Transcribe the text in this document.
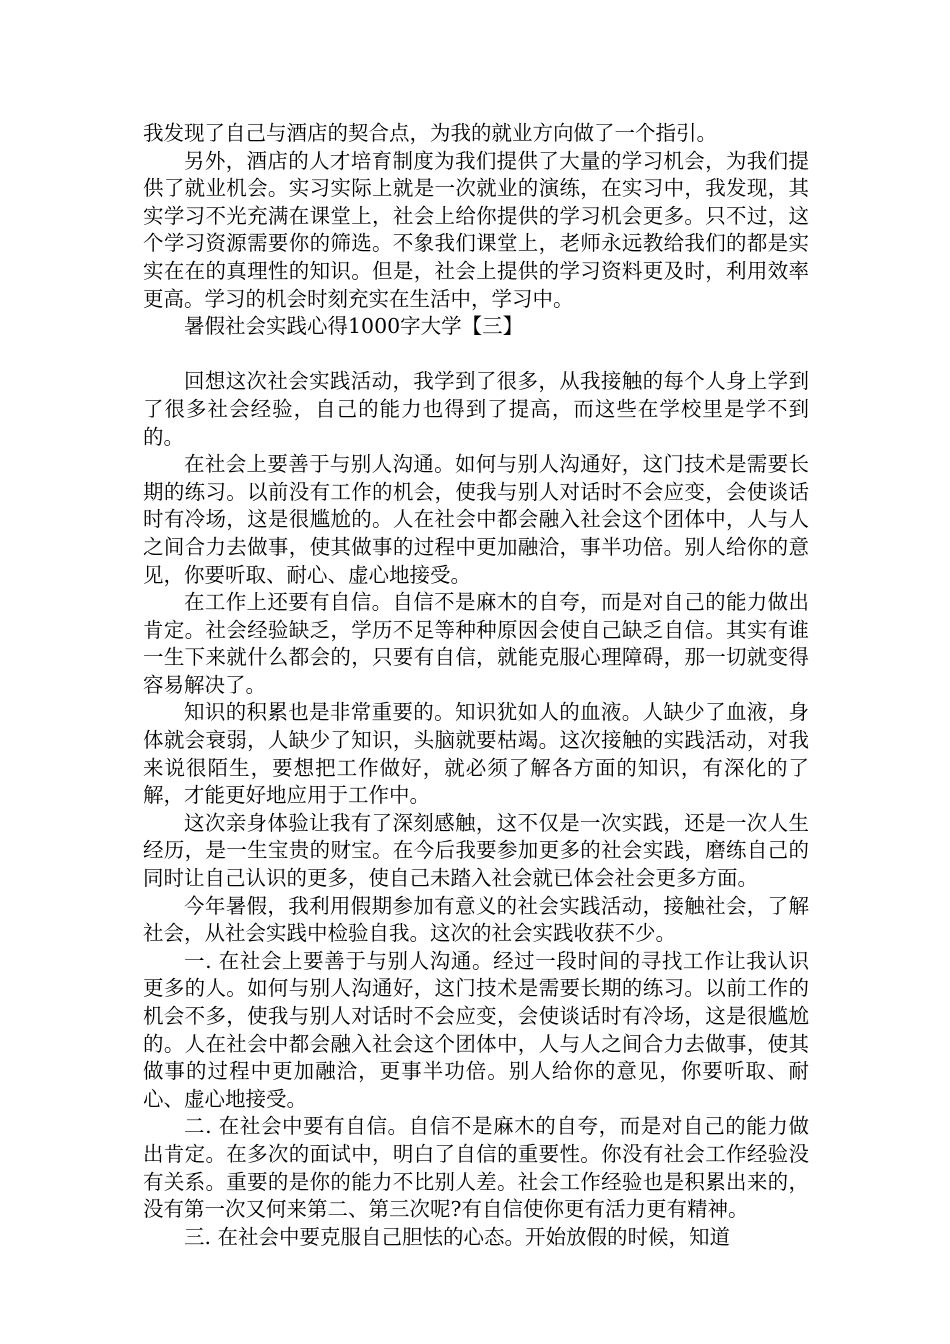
我发现了自己与酒店的契合点，为我的就业方向做了一个指引。

另外，酒店的人才培育制度为我们提供了大量的学习机会，为我们提供了就业机会。实习实际上就是一次就业的演练，在实习中，我发现，其实学习不光充满在课堂上，社会上给你提供的学习机会更多。只不过，这个学习资源需要你的筛选。不象我们课堂上，老师永远教给我们的都是实实在在的真理性的知识。但是，社会上提供的学习资料更及时，利用效率更高。学习的机会时刻充实在生活中，学习中。

暑假社会实践心得1000字大学【三】

回想这次社会实践活动，我学到了很多，从我接触的每个人身上学到了很多社会经验，自己的能力也得到了提高，而这些在学校里是学不到的。

在社会上要善于与别人沟通。如何与别人沟通好，这门技术是需要长期的练习。以前没有工作的机会，使我与别人对话时不会应变，会使谈话时有冷场，这是很尴尬的。人在社会中都会融入社会这个团体中，人与人之间合力去做事，使其做事的过程中更加融洽，事半功倍。别人给你的意见，你要听取、耐心、虚心地接受。

在工作上还要有自信。自信不是麻木的自夸，而是对自己的能力做出肯定。社会经验缺乏，学历不足等种种原因会使自己缺乏自信。其实有谁一生下来就什么都会的，只要有自信，就能克服心理障碍，那一切就变得容易解决了。

知识的积累也是非常重要的。知识犹如人的血液。人缺少了血液，身体就会衰弱，人缺少了知识，头脑就要枯竭。这次接触的实践活动，对我来说很陌生，要想把工作做好，就必须了解各方面的知识，有深化的了解，才能更好地应用于工作中。

这次亲身体验让我有了深刻感触，这不仅是一次实践，还是一次人生经历，是一生宝贵的财宝。在今后我要参加更多的社会实践，磨练自己的同时让自己认识的更多，使自己未踏入社会就已体会社会更多方面。

今年暑假，我利用假期参加有意义的社会实践活动，接触社会，了解社会，从社会实践中检验自我。这次的社会实践收获不少。

一. 在社会上要善于与别人沟通。经过一段时间的寻找工作让我认识更多的人。如何与别人沟通好，这门技术是需要长期的练习。以前工作的机会不多，使我与别人对话时不会应变，会使谈话时有冷场，这是很尴尬的。人在社会中都会融入社会这个团体中，人与人之间合力去做事，使其做事的过程中更加融洽，更事半功倍。别人给你的意见，你要听取、耐心、虚心地接受。

二. 在社会中要有自信。自信不是麻木的自夸，而是对自己的能力做出肯定。在多次的面试中，明白了自信的重要性。你没有社会工作经验没有关系。重要的是你的能力不比别人差。社会工作经验也是积累出来的，没有第一次又何来第二、第三次呢?有自信使你更有活力更有精神。

三. 在社会中要克服自己胆怯的心态。开始放假的时候，知道
